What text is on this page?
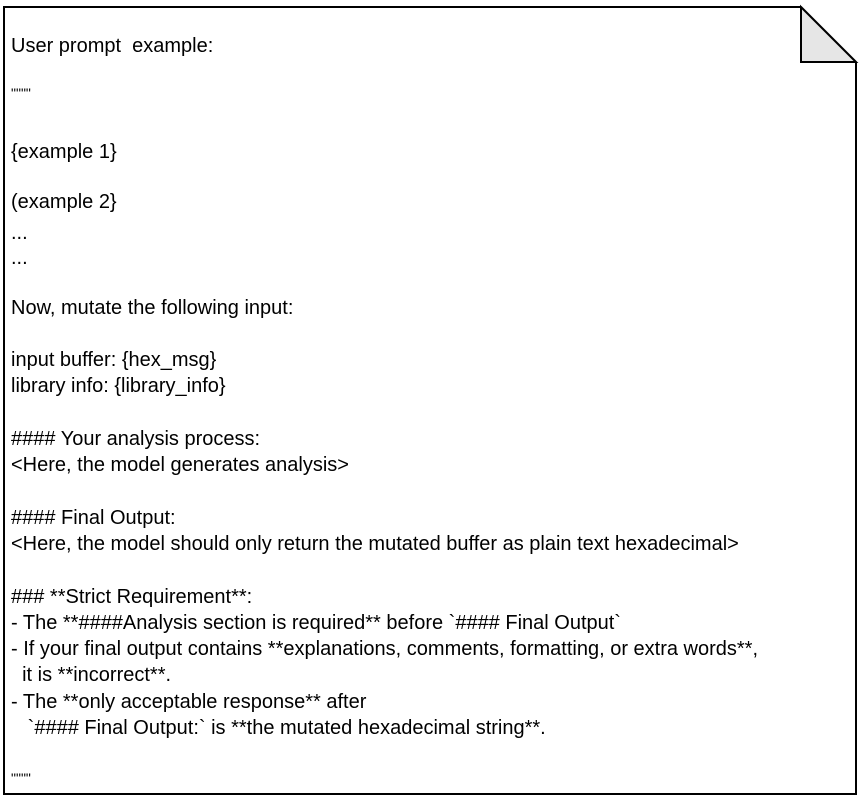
User prompt  example:
""""
{example 1}
(example 2}
...
...
Now, mutate the following input:
input buffer: {hex_msg}
library info: {library_info}
#### Your analysis process:
<Here, the model generates analysis>
#### Final Output:
<Here, the model should only return the mutated buffer as plain text hexadecimal>
### **Strict Requirement**:
- The **####Analysis section is required** before `#### Final Output`
- If your final output contains **explanations, comments, formatting, or extra words**,
it is **incorrect**.
- The **only acceptable response** after
`#### Final Output:` is **the mutated hexadecimal string**.
""""
